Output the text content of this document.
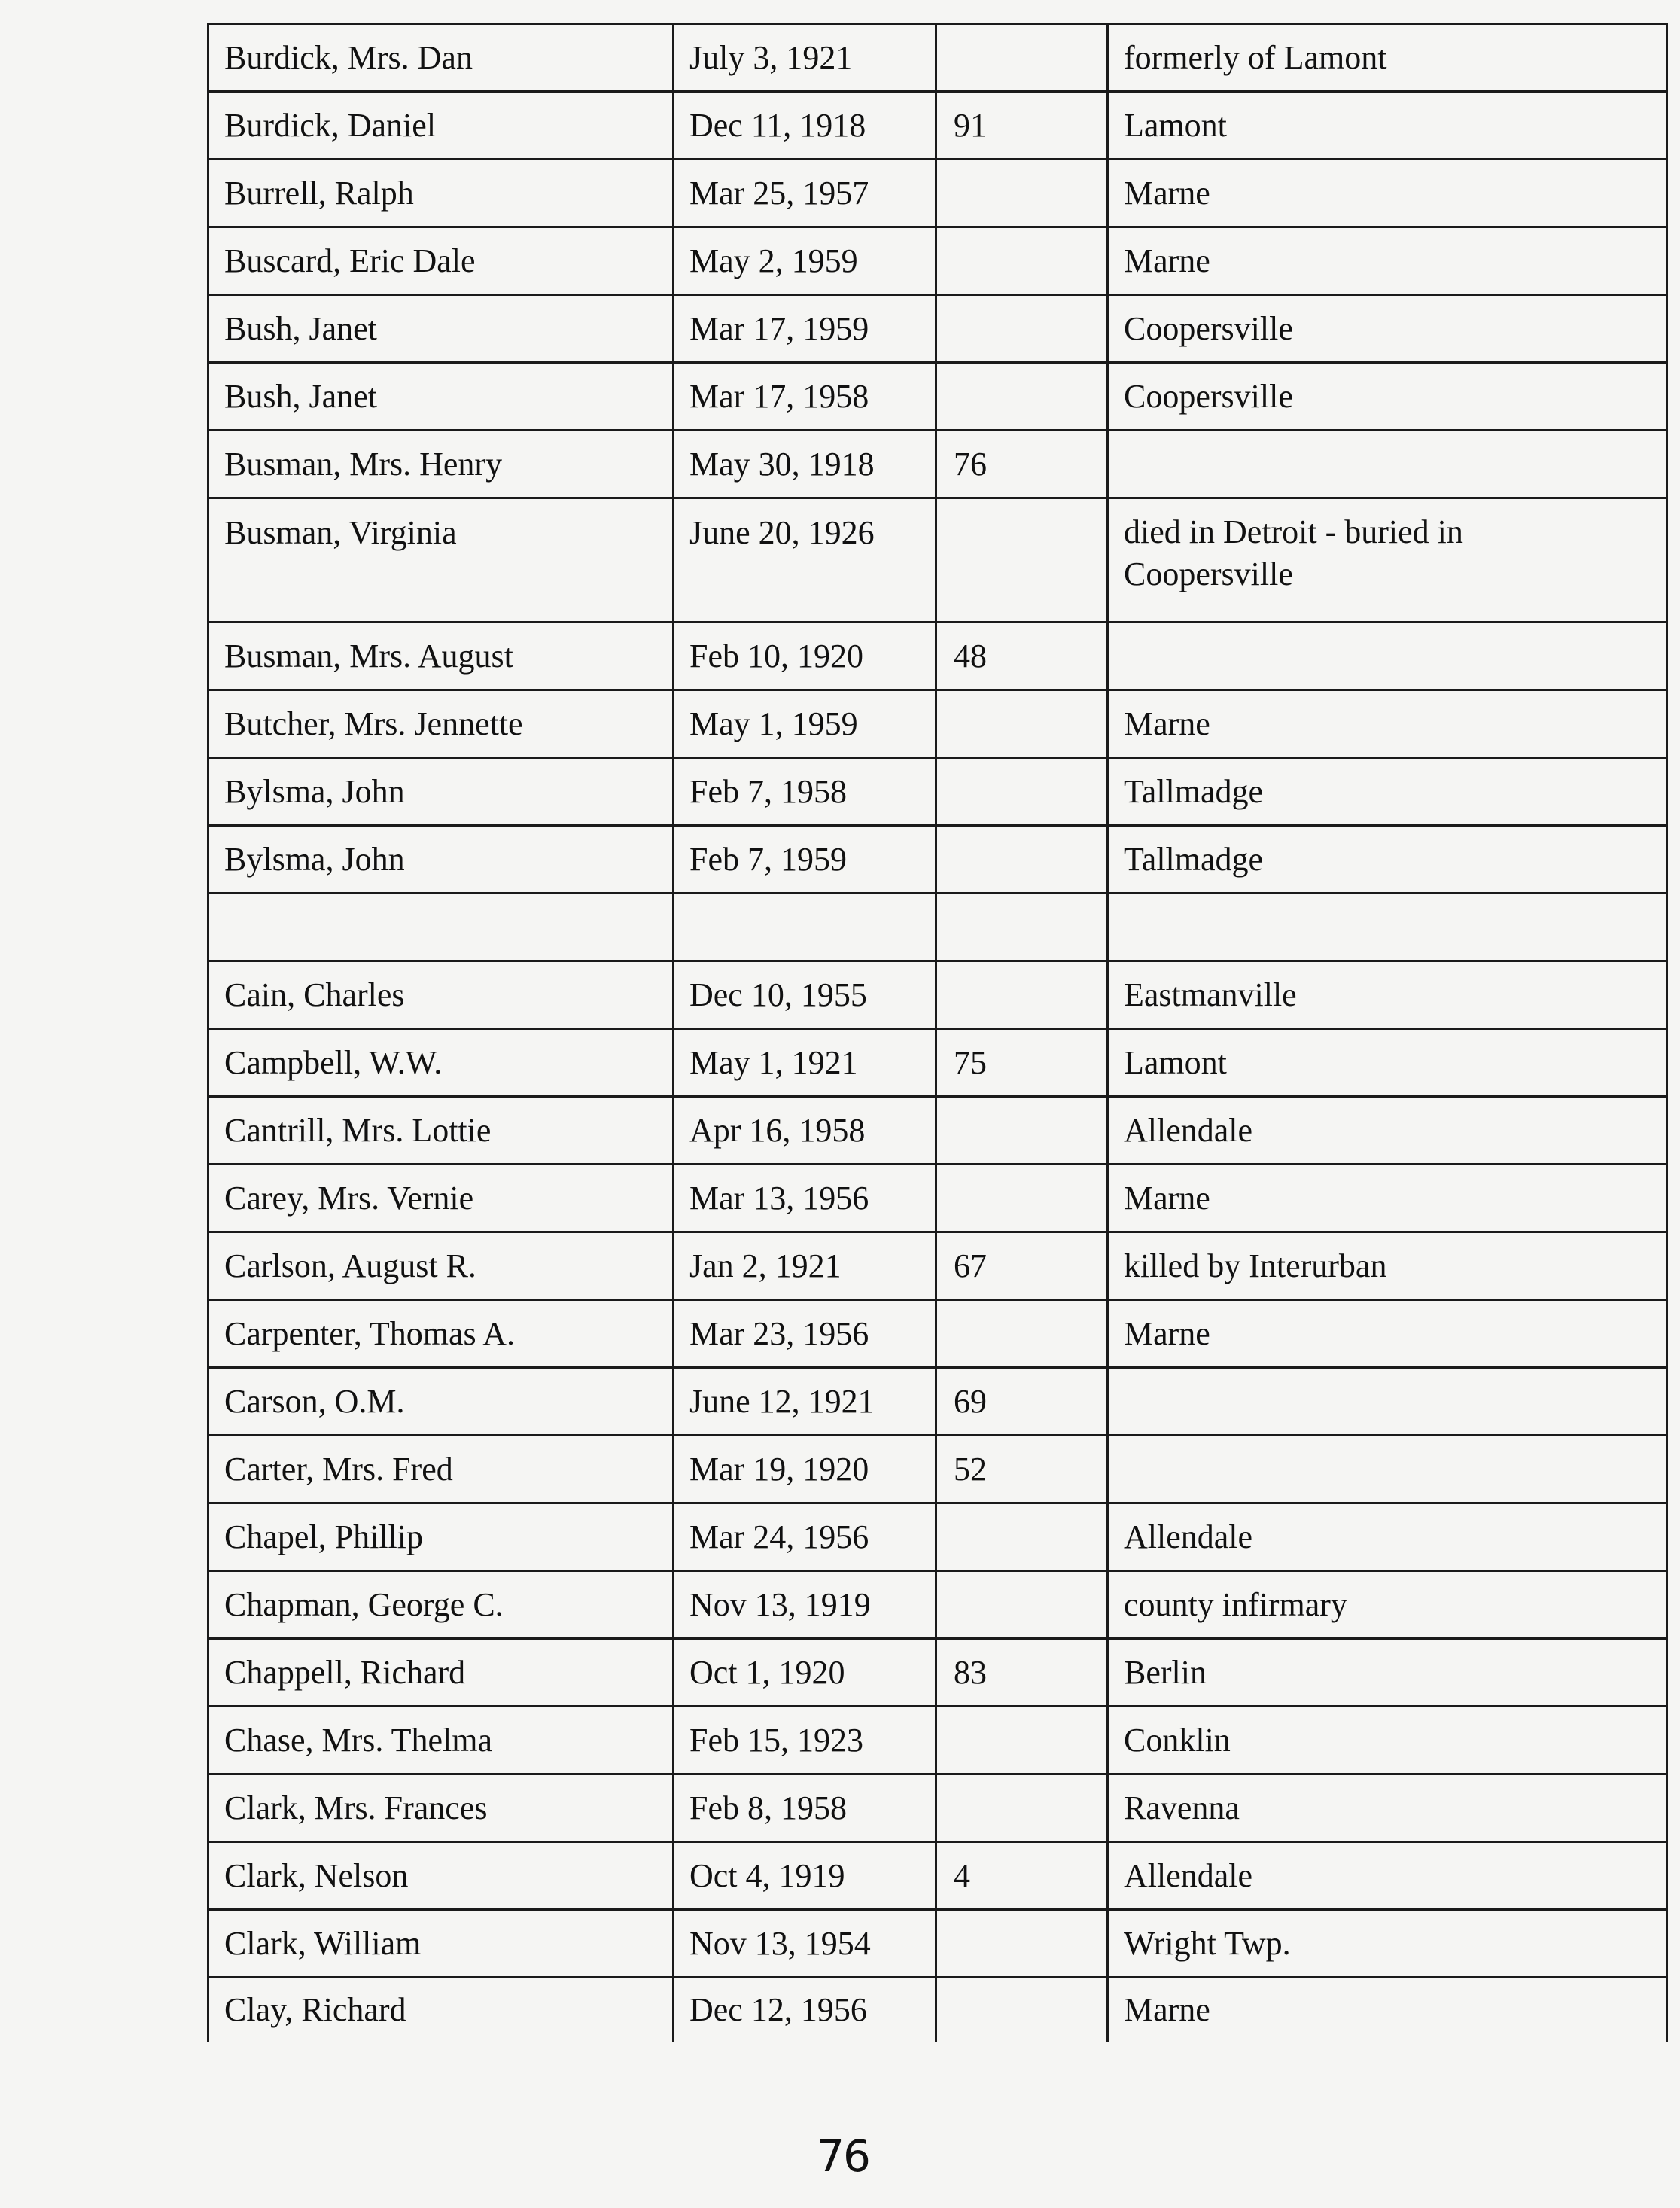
Burdick, Mrs. Dan	July 3, 1921		formerly of Lamont
Burdick, Daniel	Dec 11, 1918	91	Lamont
Burrell, Ralph	Mar 25, 1957		Marne
Buscard, Eric Dale	May 2, 1959		Marne
Bush, Janet	Mar 17, 1959		Coopersville
Bush, Janet	Mar 17, 1958		Coopersville
Busman, Mrs. Henry	May 30, 1918	76	
Busman, Virginia	June 20, 1926		died in Detroit - buried in Coopersville
Busman, Mrs. August	Feb 10, 1920	48	
Butcher, Mrs. Jennette	May 1, 1959		Marne
Bylsma, John	Feb 7, 1958		Tallmadge
Bylsma, John	Feb 7, 1959		Tallmadge

Cain, Charles	Dec 10, 1955		Eastmanville
Campbell, W.W.	May 1, 1921	75	Lamont
Cantrill, Mrs. Lottie	Apr 16, 1958		Allendale
Carey, Mrs. Vernie	Mar 13, 1956		Marne
Carlson, August R.	Jan 2, 1921	67	killed by Interurban
Carpenter, Thomas A.	Mar 23, 1956		Marne
Carson, O.M.	June 12, 1921	69	
Carter, Mrs. Fred	Mar 19, 1920	52	
Chapel, Phillip	Mar 24, 1956		Allendale
Chapman, George C.	Nov 13, 1919		county infirmary
Chappell, Richard	Oct 1, 1920	83	Berlin
Chase, Mrs. Thelma	Feb 15, 1923		Conklin
Clark, Mrs. Frances	Feb 8, 1958		Ravenna
Clark, Nelson	Oct 4, 1919	4	Allendale
Clark, William	Nov 13, 1954		Wright Twp.
Clay, Richard	Dec 12, 1956		Marne
76
